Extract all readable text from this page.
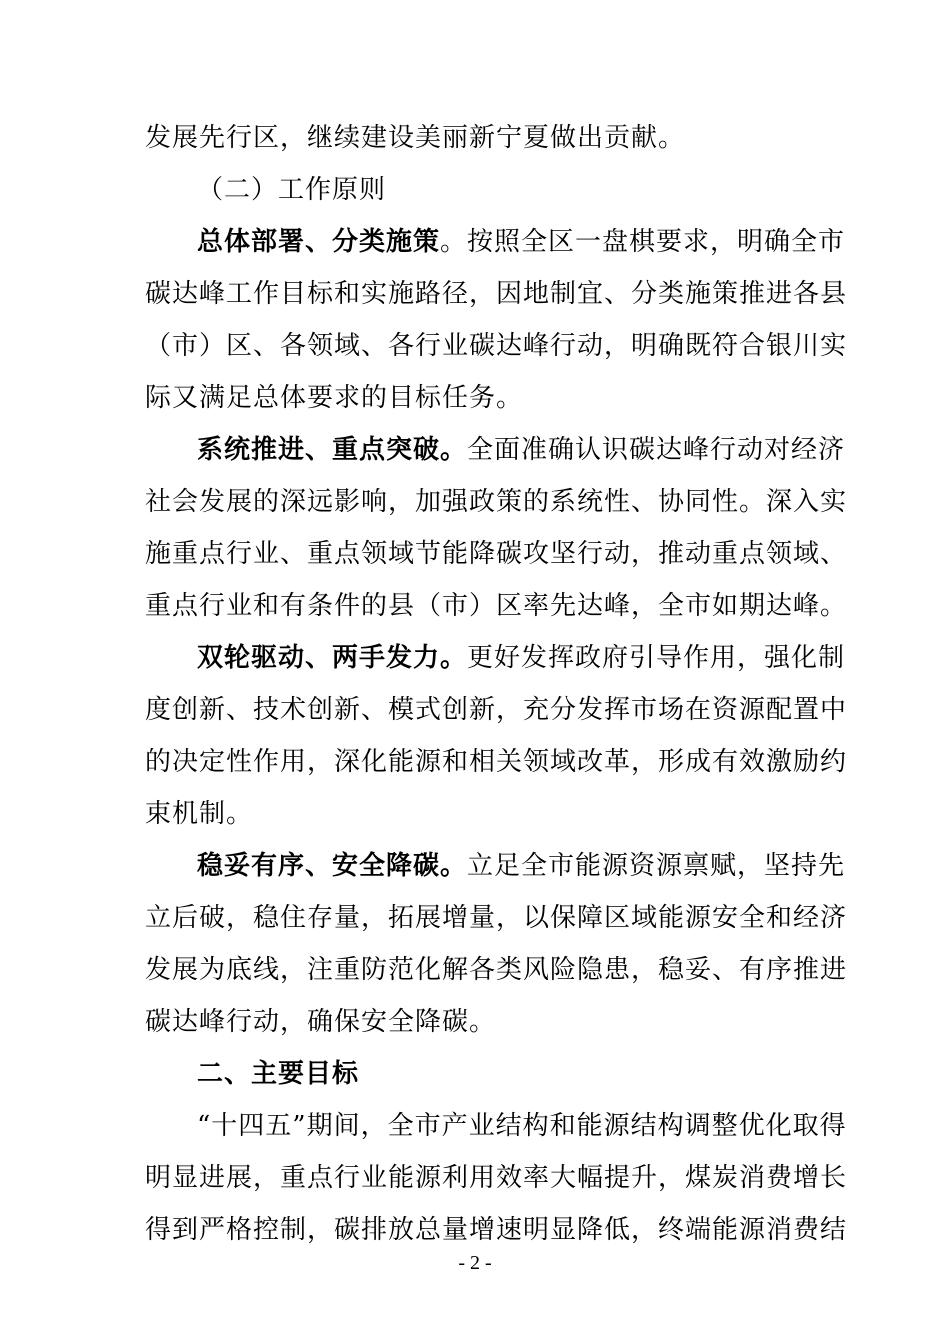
发展先行区，继续建设美丽新宁夏做出贡献。
（二）工作原则
总体部署、分类施策。按照全区一盘棋要求，明确全市
碳达峰工作目标和实施路径，因地制宜、分类施策推进各县
（市）区、各领域、各行业碳达峰行动，明确既符合银川实
际又满足总体要求的目标任务。
系统推进、重点突破。全面准确认识碳达峰行动对经济
社会发展的深远影响，加强政策的系统性、协同性。深入实
施重点行业、重点领域节能降碳攻坚行动，推动重点领域、
重点行业和有条件的县（市）区率先达峰，全市如期达峰。
双轮驱动、两手发力。更好发挥政府引导作用，强化制
度创新、技术创新、模式创新，充分发挥市场在资源配置中
的决定性作用，深化能源和相关领域改革，形成有效激励约
束机制。
稳妥有序、安全降碳。立足全市能源资源禀赋，坚持先
立后破，稳住存量，拓展增量，以保障区域能源安全和经济
发展为底线，注重防范化解各类风险隐患，稳妥、有序推进
碳达峰行动，确保安全降碳。
二、主要目标
“十四五”期间，全市产业结构和能源结构调整优化取得
明显进展，重点行业能源利用效率大幅提升，煤炭消费增长
得到严格控制，碳排放总量增速明显降低，终端能源消费结
- 2 -
